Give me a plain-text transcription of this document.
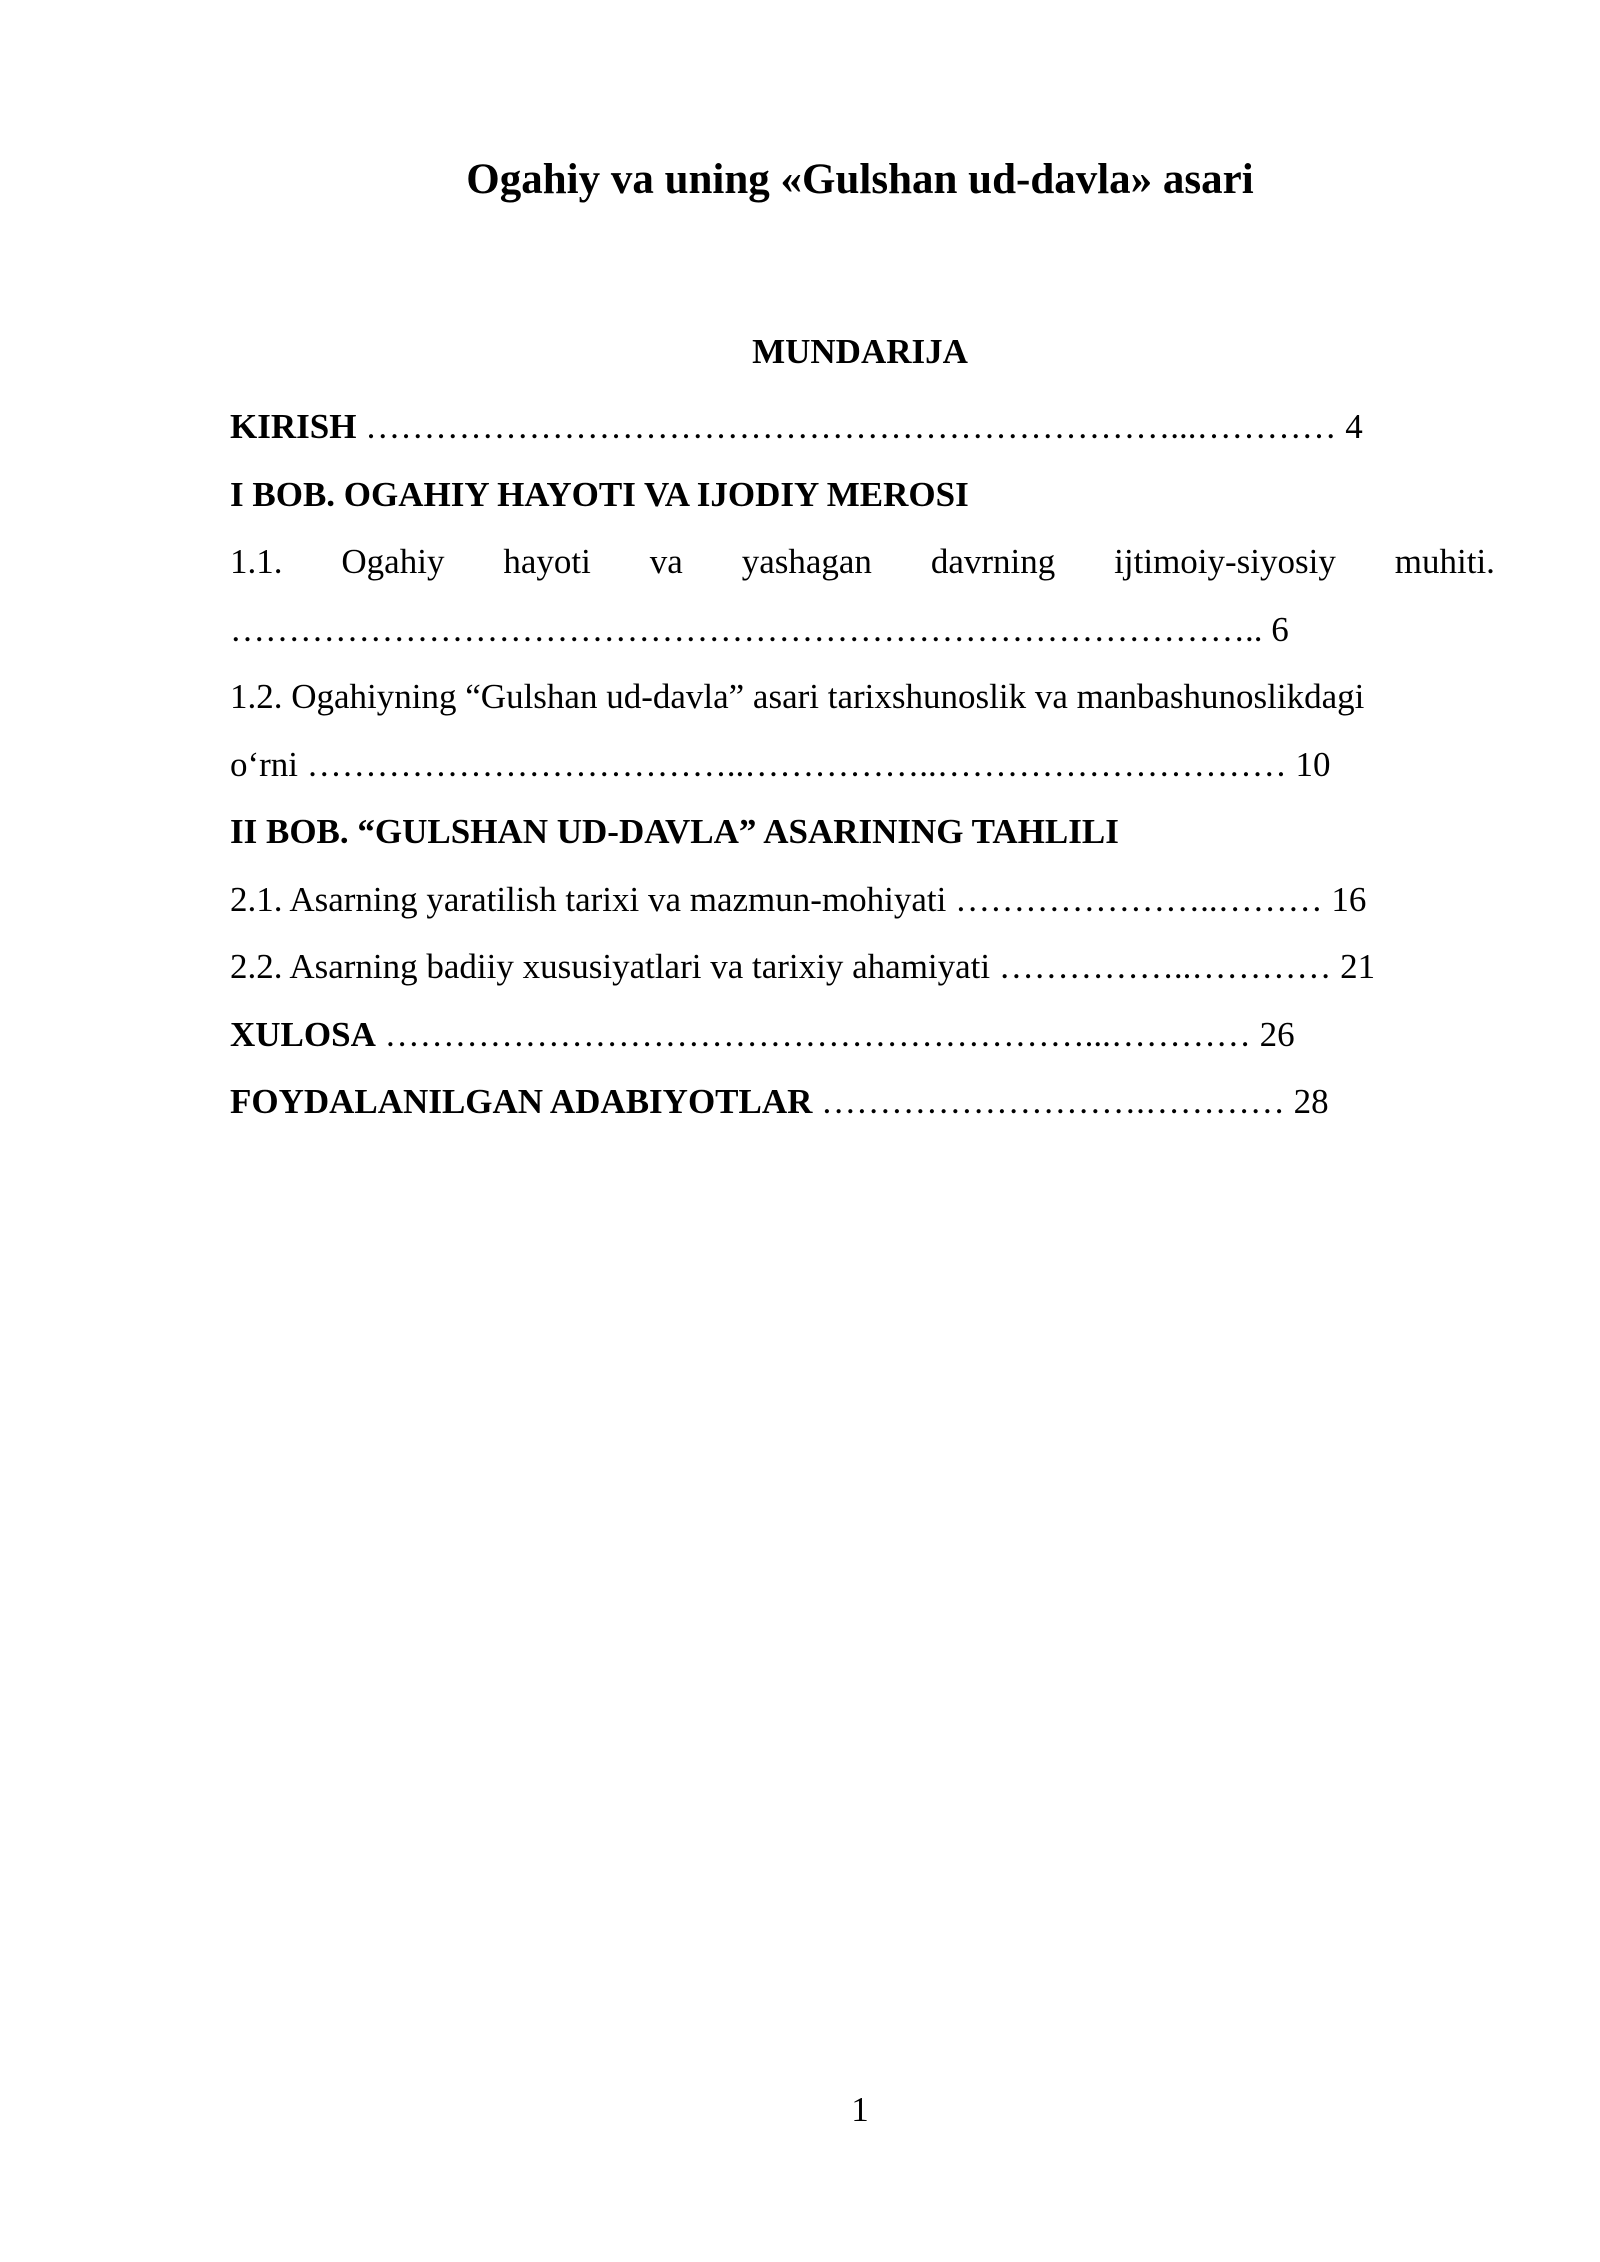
Ogahiy va uning «Gulshan ud-davla» asari
MUNDARIJA
KIRISH ……………………………………………………………...………… 4
I BOB. OGAHIY HAYOTI VA IJODIY MEROSI
1.1. Ogahiy hayoti va yashagan davrning ijtimoiy-siyosiy muhiti.
…………………………………………………………………………….. 6
1.2. Ogahiyning “Gulshan ud-davla” asari tarixshunoslik va manbashunoslikdagi
o‘rni ………………………………..……………..………………………… 10
II BOB. “GULSHAN UD-DAVLA” ASARINING TAHLILI
2.1. Asarning yaratilish tarixi va mazmun-mohiyati …………………..……… 16
2.2. Asarning badiiy xususiyatlari va tarixiy ahamiyati ……………..………… 21
XULOSA ……………………………………………………...………… 26
FOYDALANILGAN ADABIYOTLAR ……………………….………… 28
1
